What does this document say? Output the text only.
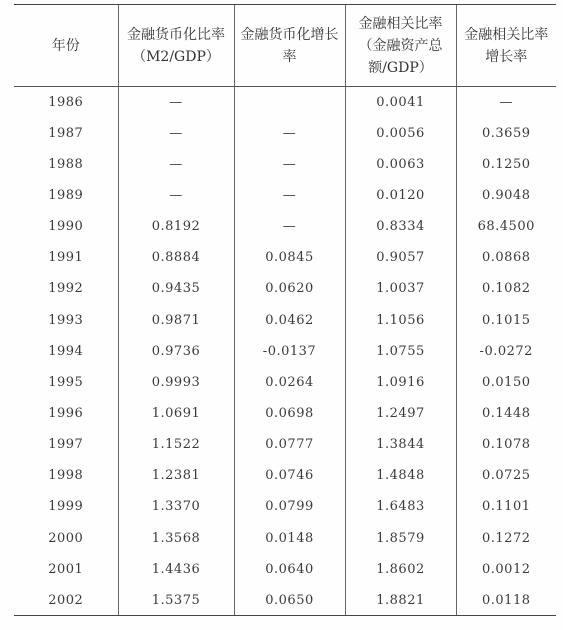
年份	金融货币化比率（M2/GDP）	金融货币化增长率	金融相关比率（金融资产总额/GDP）	金融相关比率增长率
1986	—		0.0041	—
1987	—	—	0.0056	0.3659
1988	—	—	0.0063	0.1250
1989	—	—	0.0120	0.9048
1990	0.8192	—	0.8334	68.4500
1991	0.8884	0.0845	0.9057	0.0868
1992	0.9435	0.0620	1.0037	0.1082
1993	0.9871	0.0462	1.1056	0.1015
1994	0.9736	-0.0137	1.0755	-0.0272
1995	0.9993	0.0264	1.0916	0.0150
1996	1.0691	0.0698	1.2497	0.1448
1997	1.1522	0.0777	1.3844	0.1078
1998	1.2381	0.0746	1.4848	0.0725
1999	1.3370	0.0799	1.6483	0.1101
2000	1.3568	0.0148	1.8579	0.1272
2001	1.4436	0.0640	1.8602	0.0012
2002	1.5375	0.0650	1.8821	0.0118
